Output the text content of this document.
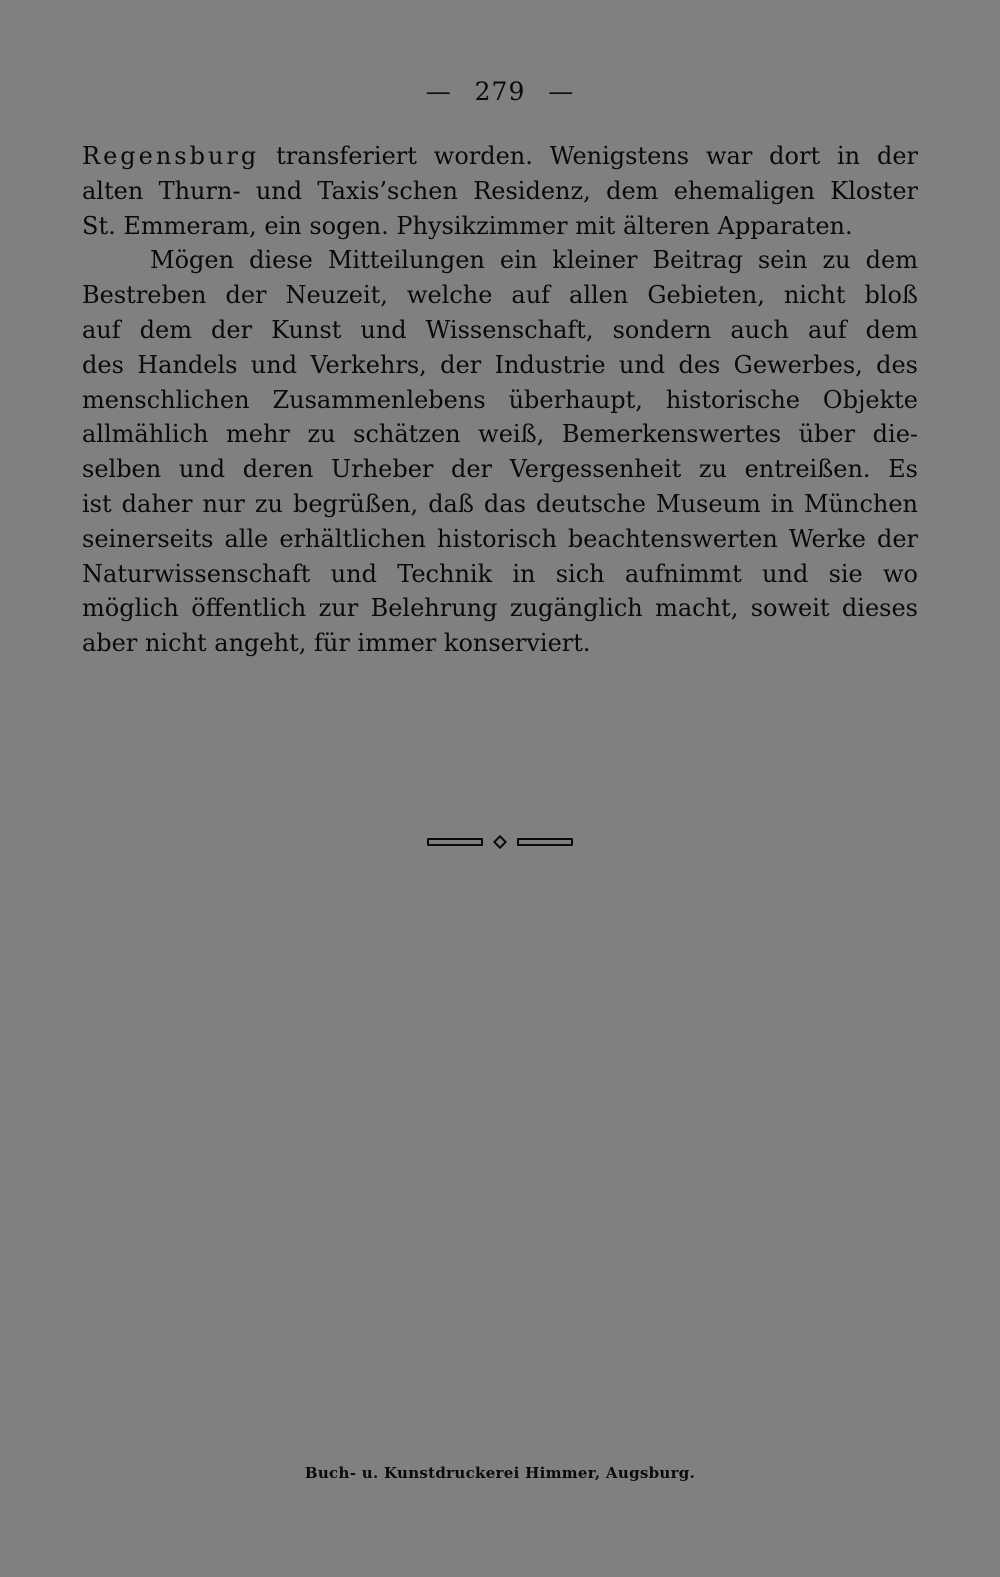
— 279 —
Regensburg transferiert worden. Wenigstens war dort in der
alten Thurn- und Taxis’schen Residenz, dem ehemaligen Kloster
St. Emmeram, ein sogen. Physikzimmer mit älteren Apparaten.
Mögen diese Mitteilungen ein kleiner Beitrag sein zu dem
Bestreben der Neuzeit, welche auf allen Gebieten, nicht bloß
auf dem der Kunst und Wissenschaft, sondern auch auf dem
des Handels und Verkehrs, der Industrie und des Gewerbes, des
menschlichen Zusammenlebens überhaupt, historische Objekte
allmählich mehr zu schätzen weiß, Bemerkenswertes über die-
selben und deren Urheber der Vergessenheit zu entreißen. Es
ist daher nur zu begrüßen, daß das deutsche Museum in München
seinerseits alle erhältlichen historisch beachtenswerten Werke der
Naturwissenschaft und Technik in sich aufnimmt und sie wo
möglich öffentlich zur Belehrung zugänglich macht, soweit dieses
aber nicht angeht, für immer konserviert.
Buch- u. Kunstdruckerei Himmer, Augsburg.
